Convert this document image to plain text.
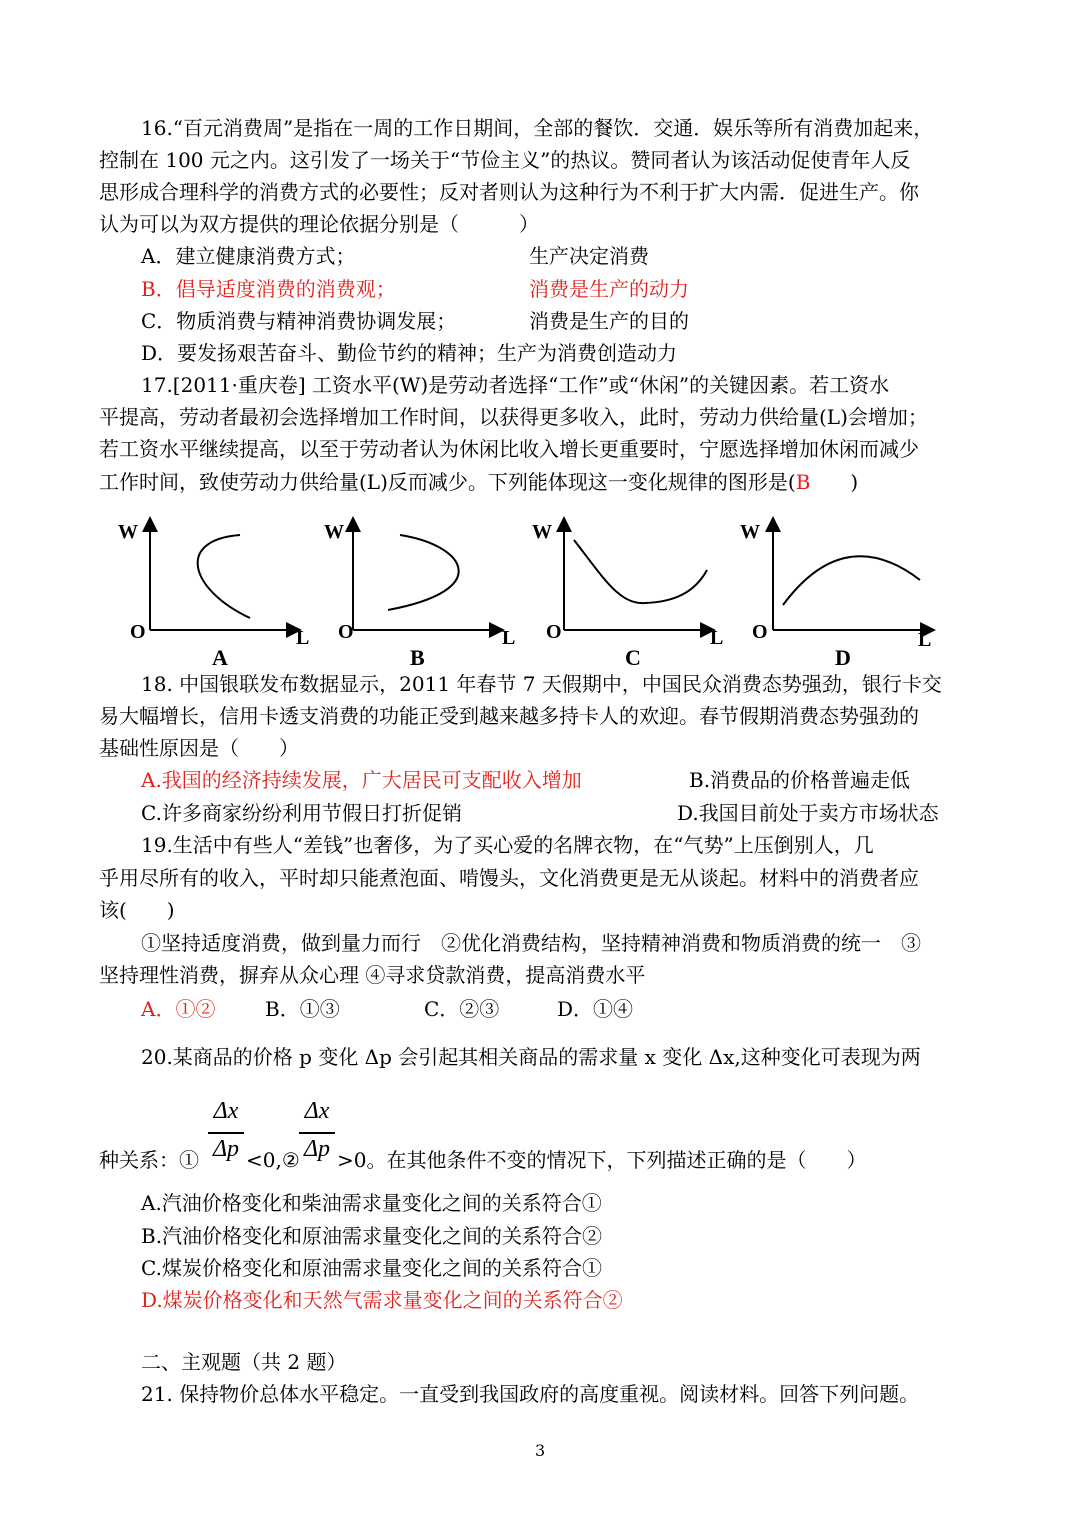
16.“百元消费周”是指在一周的工作日期间，全部的餐饮．交通．娱乐等所有消费加起来，
控制在 100 元之内。这引发了一场关于“节俭主义”的热议。赞同者认为该活动促使青年人反
思形成合理科学的消费方式的必要性；反对者则认为这种行为不利于扩大内需．促进生产。你
认为可以为双方提供的理论依据分别是（　　　）
A．建立健康消费方式；	生产决定消费
B．倡导适度消费的消费观；	消费是生产的动力
C．物质消费与精神消费协调发展；	消费是生产的目的
D．要发扬艰苦奋斗、勤俭节约的精神；生产为消费创造动力
17.[2011·重庆卷] 工资水平(W)是劳动者选择“工作”或“休闲”的关键因素。若工资水
平提高，劳动者最初会选择增加工作时间，以获得更多收入，此时，劳动力供给量(L)会增加；
若工资水平继续提高，以至于劳动者认为休闲比收入增长更重要时，宁愿选择增加休闲而减少
工作时间，致使劳动力供给量(L)反而减少。下列能体现这一变化规律的图形是(B　　)
W
O	L
A
W
O	L
B
W
O	L
C
W
O	L
D
18. 中国银联发布数据显示，2011 年春节 7 天假期中，中国民众消费态势强劲，银行卡交
易大幅增长，信用卡透支消费的功能正受到越来越多持卡人的欢迎。春节假期消费态势强劲的
基础性原因是（　　）
A.我国的经济持续发展，广大居民可支配收入增加	B.消费品的价格普遍走低
C.许多商家纷纷利用节假日打折促销	D.我国目前处于卖方市场状态
19.生活中有些人“差钱”也奢侈，为了买心爱的名牌衣物，在“气势”上压倒别人，几
乎用尽所有的收入，平时却只能煮泡面、啃馒头，文化消费更是无从谈起。材料中的消费者应
该(　　)
①坚持适度消费，做到量力而行　②优化消费结构，坚持精神消费和物质消费的统一　③
坚持理性消费，摒弃从众心理 ④寻求贷款消费，提高消费水平
A．①② B．①③	C．②③	D．①④
20.某商品的价格 p 变化 Δp 会引起其相关商品的需求量 x 变化 Δx,这种变化可表现为两
Δx
Δp
Δx
Δp
种关系：① <0,② >0。在其他条件不变的情况下，下列描述正确的是（　　）
A.汽油价格变化和柴油需求量变化之间的关系符合①
B.汽油价格变化和原油需求量变化之间的关系符合②
C.煤炭价格变化和原油需求量变化之间的关系符合①
D.煤炭价格变化和天然气需求量变化之间的关系符合②
二、主观题（共 2 题）
21. 保持物价总体水平稳定。一直受到我国政府的高度重视。阅读材料。回答下列问题。
3
